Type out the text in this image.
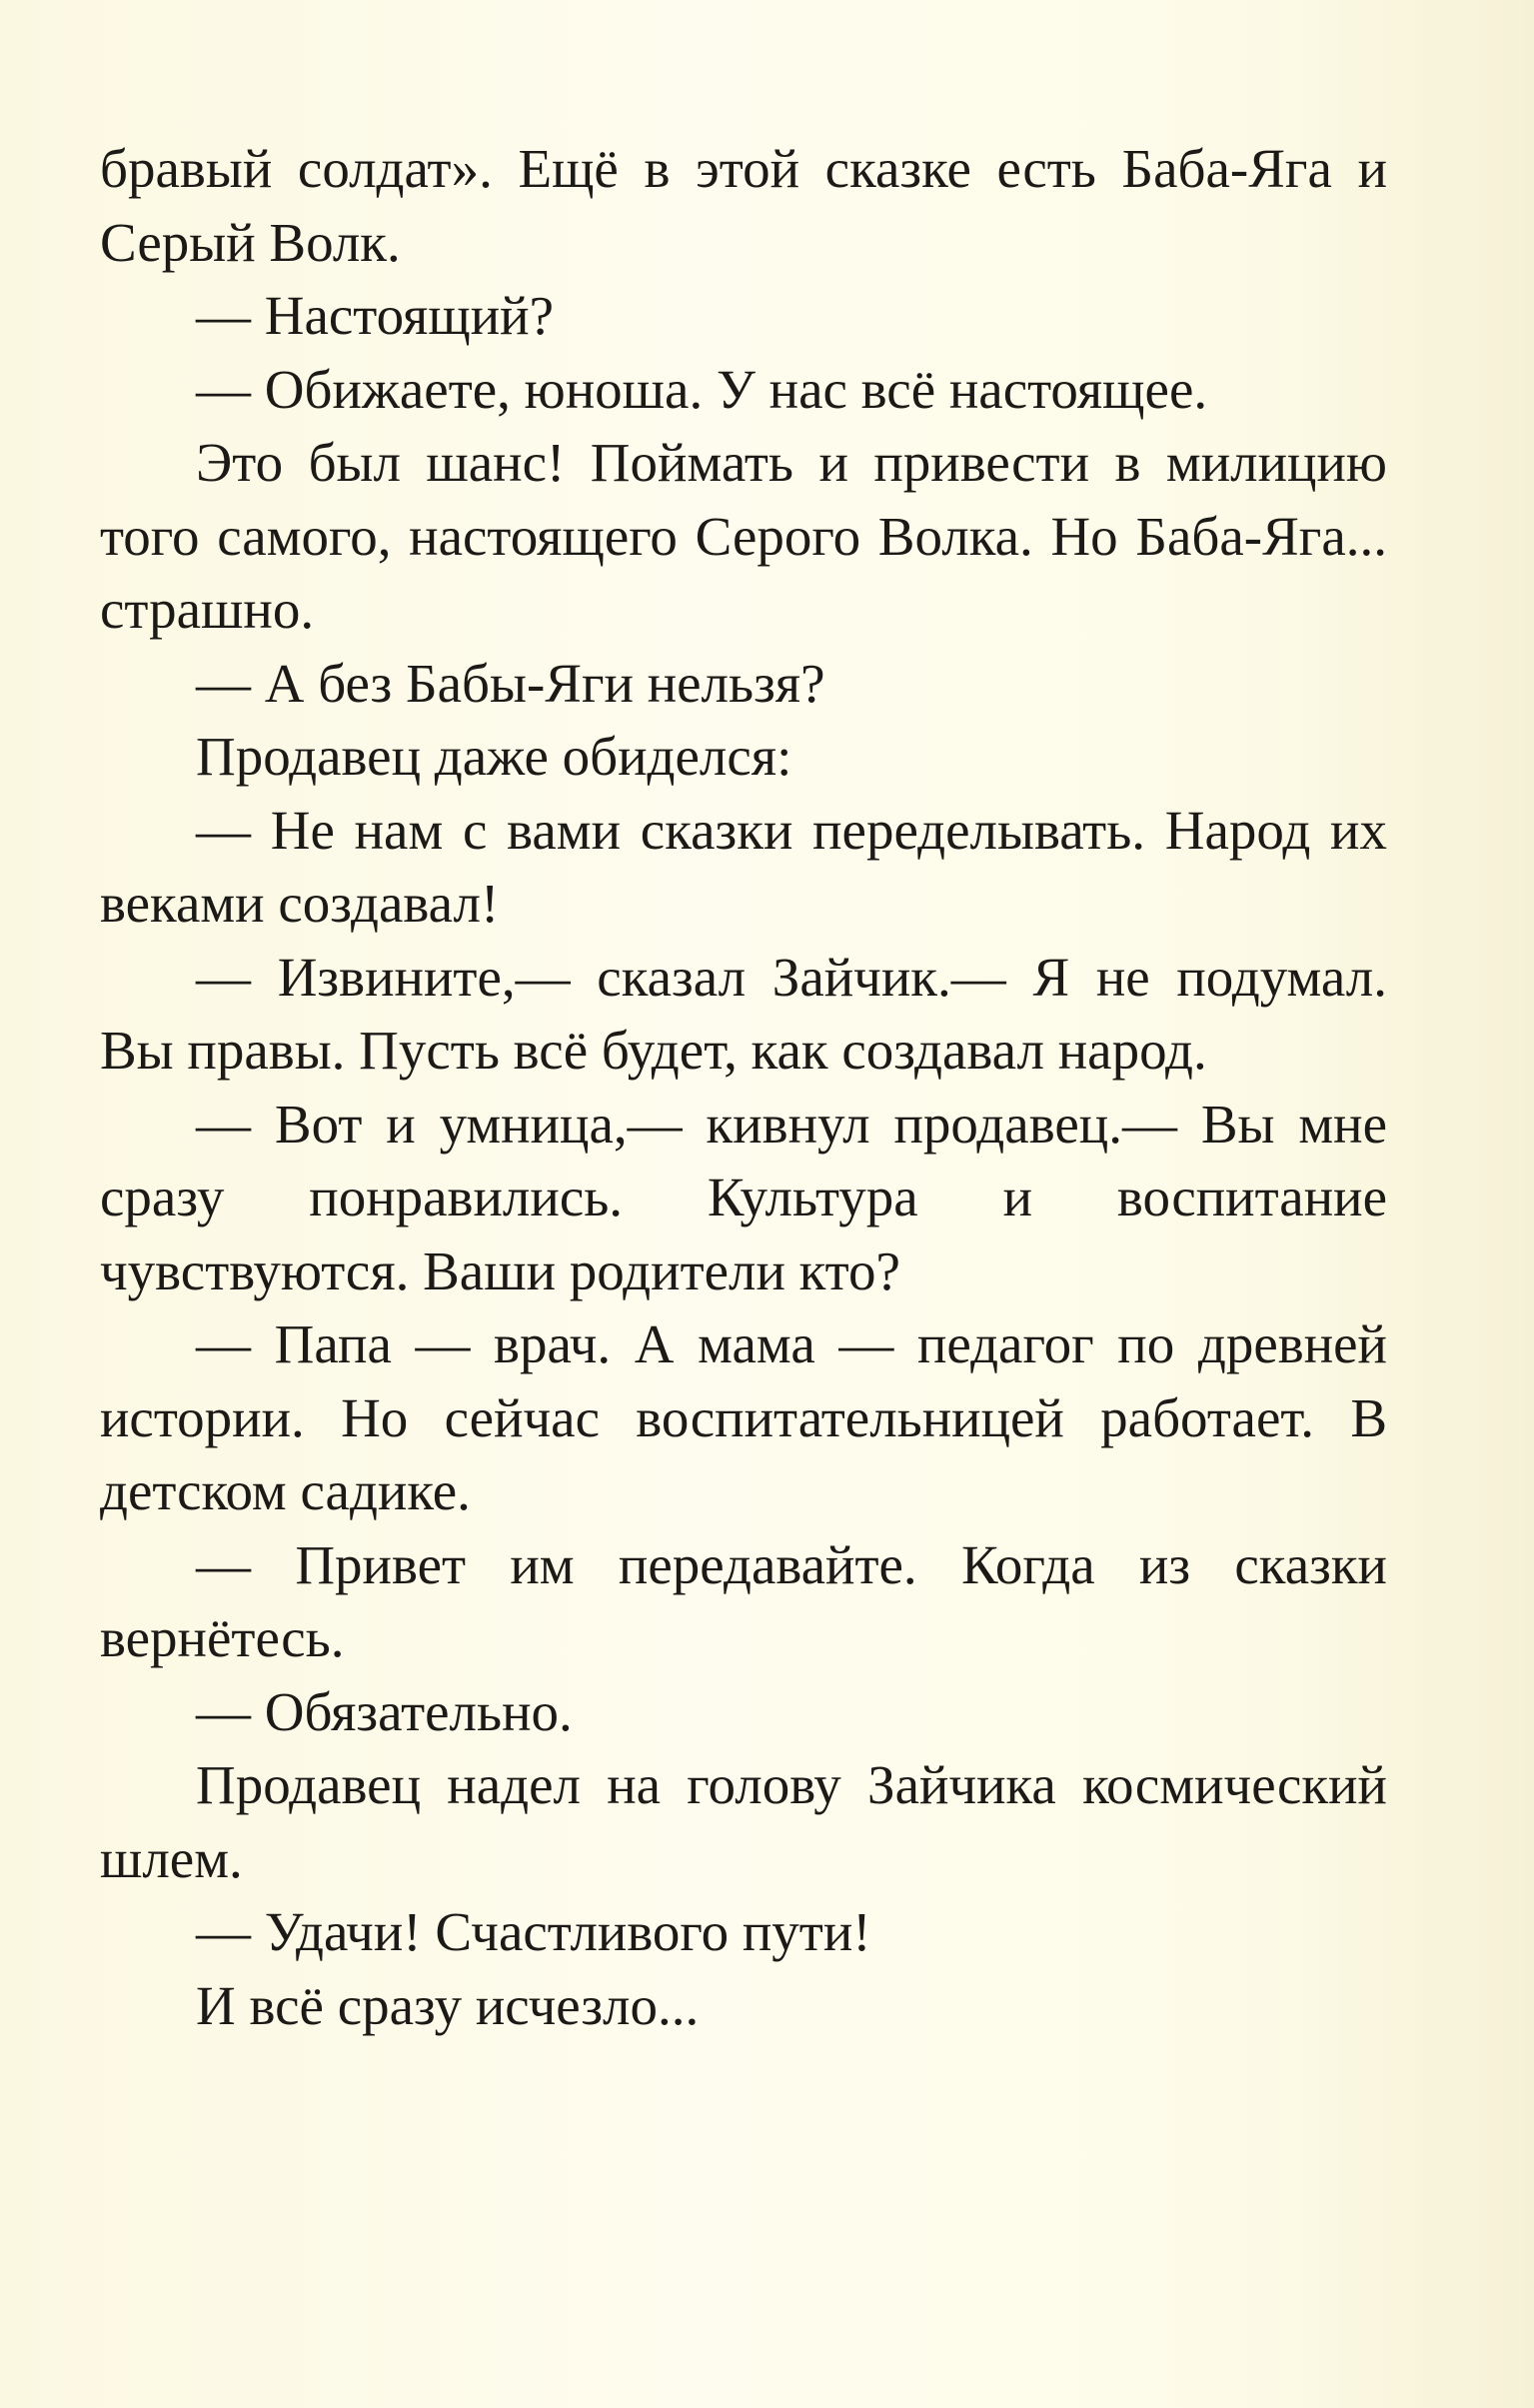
бравый солдат». Ещё в этой сказке есть Баба-Яга и Серый Волк.

— Настоящий?

— Обижаете, юноша. У нас всё настоящее.

Это был шанс! Поймать и привести в милицию того самого, настоящего Серого Волка. Но Баба-Яга... страшно.

— А без Бабы-Яги нельзя?

Продавец даже обиделся:

— Не нам с вами сказки переделывать. Народ их веками создавал!

— Извините,— сказал Зайчик.— Я не подумал. Вы правы. Пусть всё будет, как создавал народ.

— Вот и умница,— кивнул продавец.— Вы мне сразу понравились. Культура и воспитание чувствуются. Ваши родители кто?

— Папа — врач. А мама — педагог по древней истории. Но сейчас воспитательницей работает. В детском садике.

— Привет им передавайте. Когда из сказки вернётесь.

— Обязательно.

Продавец надел на голову Зайчика космический шлем.

— Удачи! Счастливого пути!

И всё сразу исчезло...
